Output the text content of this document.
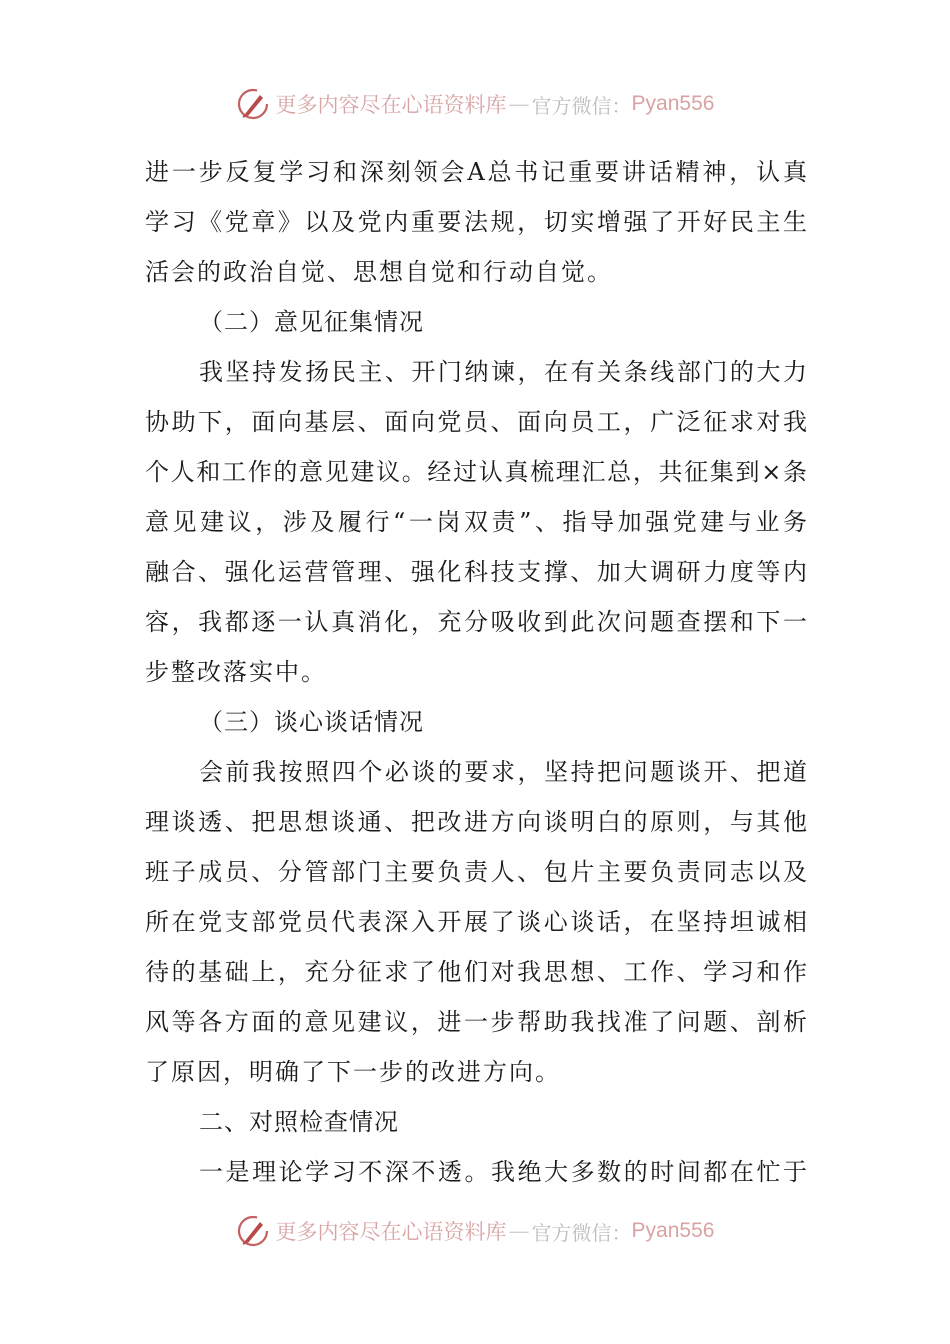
更多内容尽在心语资料库 — 官方微信： Pyan556
进一步反复学习和深刻领会A总书记重要讲话精神，认真
学习《党章》以及党内重要法规，切实增强了开好民主生
活会的政治自觉、思想自觉和行动自觉。
（二）意见征集情况
我坚持发扬民主、开门纳谏，在有关条线部门的大力
协助下，面向基层、面向党员、面向员工，广泛征求对我
个人和工作的意见建议。经过认真梳理汇总，共征集到×条
意见建议，涉及履行“一岗双责”、指导加强党建与业务
融合、强化运营管理、强化科技支撑、加大调研力度等内
容，我都逐一认真消化，充分吸收到此次问题查摆和下一
步整改落实中。
（三）谈心谈话情况
会前我按照四个必谈的要求，坚持把问题谈开、把道
理谈透、把思想谈通、把改进方向谈明白的原则，与其他
班子成员、分管部门主要负责人、包片主要负责同志以及
所在党支部党员代表深入开展了谈心谈话，在坚持坦诚相
待的基础上，充分征求了他们对我思想、工作、学习和作
风等各方面的意见建议，进一步帮助我找准了问题、剖析
了原因，明确了下一步的改进方向。
二、对照检查情况
一是理论学习不深不透。我绝大多数的时间都在忙于
更多内容尽在心语资料库 — 官方微信： Pyan556
